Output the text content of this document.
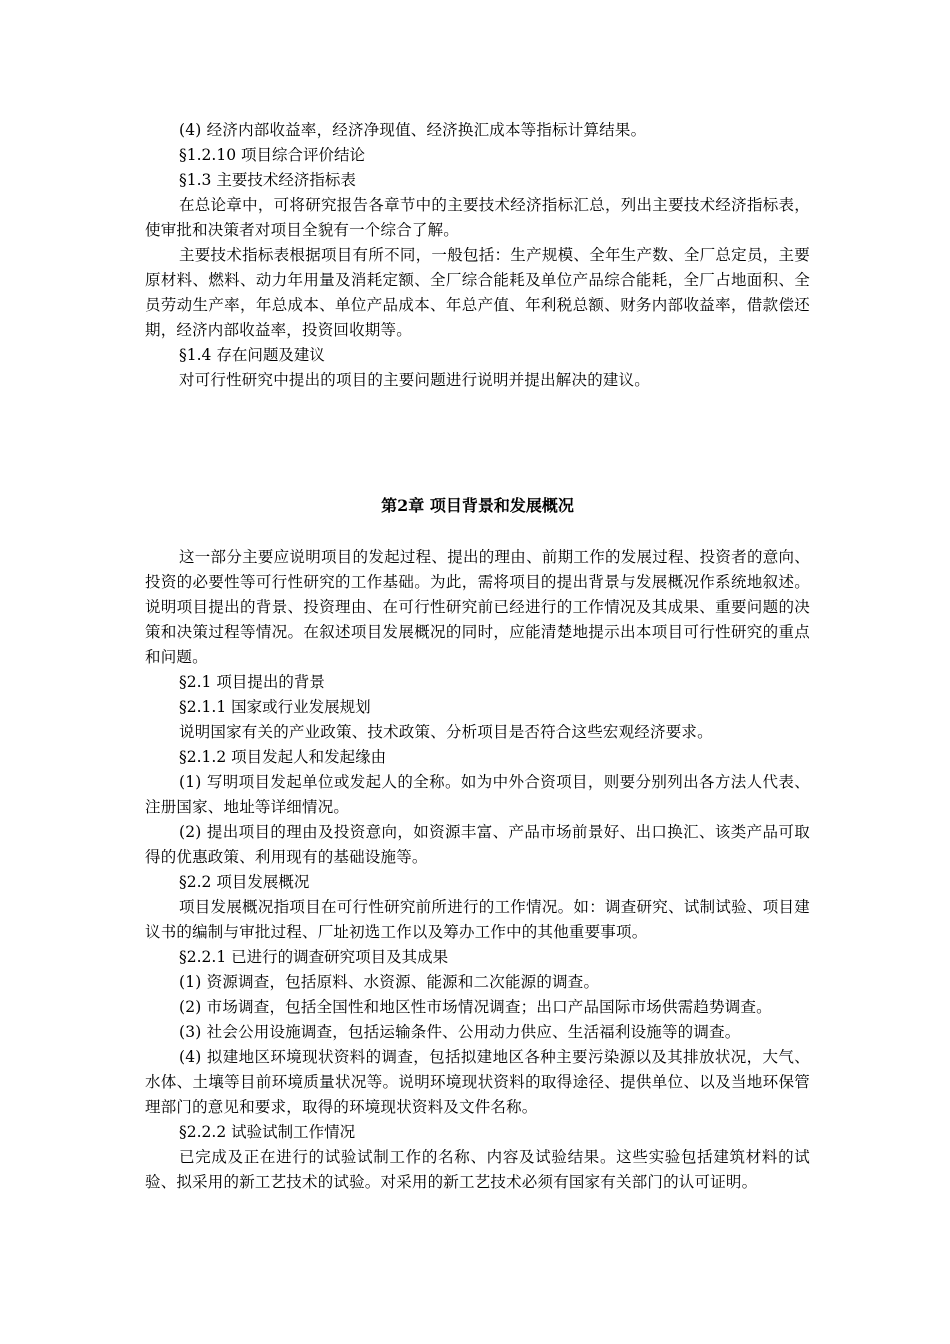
(4) 经济内部收益率，经济净现值、经济换汇成本等指标计算结果。

§1.2.10 项目综合评价结论

§1.3 主要技术经济指标表

在总论章中，可将研究报告各章节中的主要技术经济指标汇总，列出主要技术经济指标表，使审批和决策者对项目全貌有一个综合了解。

主要技术指标表根据项目有所不同，一般包括：生产规模、全年生产数、全厂总定员，主要原材料、燃料、动力年用量及消耗定额、全厂综合能耗及单位产品综合能耗，全厂占地面积、全员劳动生产率，年总成本、单位产品成本、年总产值、年利税总额、财务内部收益率，借款偿还期，经济内部收益率，投资回收期等。

§1.4 存在问题及建议

对可行性研究中提出的项目的主要问题进行说明并提出解决的建议。

第2章 项目背景和发展概况

这一部分主要应说明项目的发起过程、提出的理由、前期工作的发展过程、投资者的意向、投资的必要性等可行性研究的工作基础。为此，需将项目的提出背景与发展概况作系统地叙述。说明项目提出的背景、投资理由、在可行性研究前已经进行的工作情况及其成果、重要问题的决策和决策过程等情况。在叙述项目发展概况的同时，应能清楚地提示出本项目可行性研究的重点和问题。

§2.1 项目提出的背景

§2.1.1 国家或行业发展规划

说明国家有关的产业政策、技术政策、分析项目是否符合这些宏观经济要求。

§2.1.2 项目发起人和发起缘由

(1) 写明项目发起单位或发起人的全称。如为中外合资项目，则要分别列出各方法人代表、注册国家、地址等详细情况。

(2) 提出项目的理由及投资意向，如资源丰富、产品市场前景好、出口换汇、该类产品可取得的优惠政策、利用现有的基础设施等。

§2.2 项目发展概况

项目发展概况指项目在可行性研究前所进行的工作情况。如：调查研究、试制试验、项目建议书的编制与审批过程、厂址初选工作以及筹办工作中的其他重要事项。

§2.2.1 已进行的调查研究项目及其成果

(1) 资源调查，包括原料、水资源、能源和二次能源的调查。

(2) 市场调查，包括全国性和地区性市场情况调查；出口产品国际市场供需趋势调查。

(3) 社会公用设施调查，包括运输条件、公用动力供应、生活福利设施等的调查。

(4) 拟建地区环境现状资料的调查，包括拟建地区各种主要污染源以及其排放状况，大气、水体、土壤等目前环境质量状况等。说明环境现状资料的取得途径、提供单位、以及当地环保管理部门的意见和要求，取得的环境现状资料及文件名称。

§2.2.2 试验试制工作情况

已完成及正在进行的试验试制工作的名称、内容及试验结果。这些实验包括建筑材料的试验、拟采用的新工艺技术的试验。对采用的新工艺技术必须有国家有关部门的认可证明。
